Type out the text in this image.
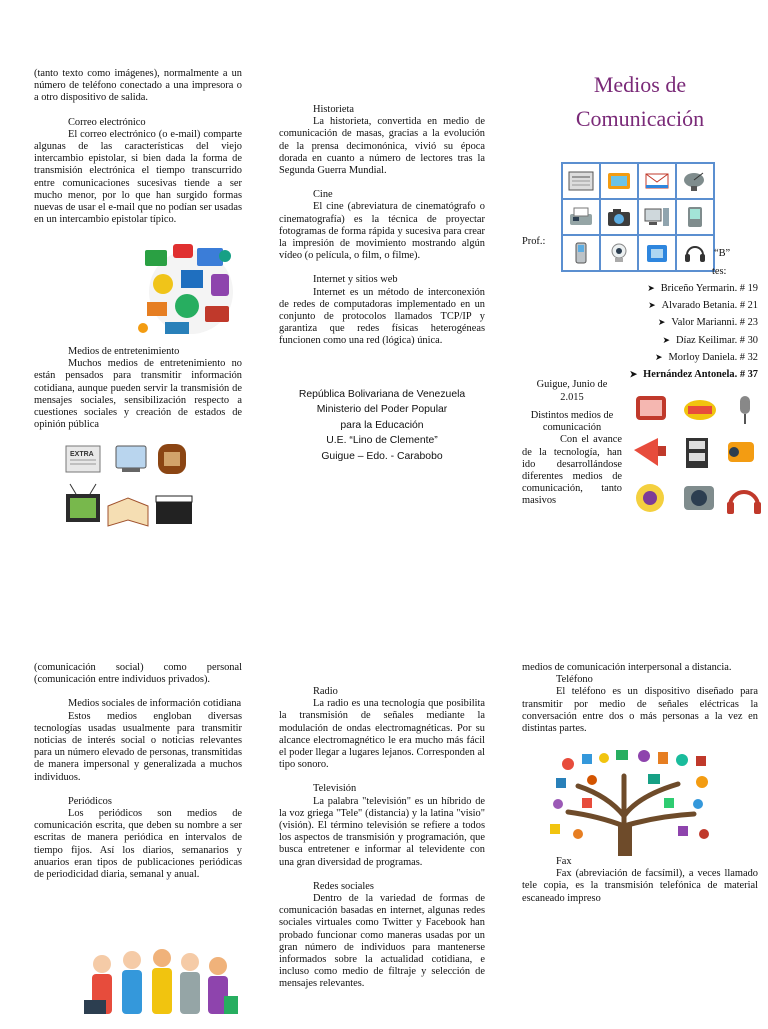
(tanto texto como imágenes), normalmente a un número de teléfono conectado a una impresora o a otro dispositivo de salida.

Correo electrónico

El correo electrónico (o e-mail) comparte algunas de las características del viejo intercambio epistolar, si bien dada la forma de transmisión electrónica el tiempo transcurrido entre comunicaciones sucesivas tiende a ser mucho menor, por lo que han surgido formas nuevas de usar el e-mail que no podían ser usadas en un intercambio epistolar típico.

Medios de entretenimiento

Muchos medios de entretenimiento no están pensados para transmitir información cotidiana, aunque pueden servir la transmisión de mensajes sociales, sensibilización respecto a cuestiones sociales y creación de estados de opinión pública

EXTRA

Historieta

La historieta, convertida en medio de comunicación de masas, gracias a la evolución de la prensa decimonónica, vivió su época dorada en cuanto a número de lectores tras la Segunda Guerra Mundial.

Cine

El cine (abreviatura de cinematógrafo o cinematografía) es la técnica de proyectar fotogramas de forma rápida y sucesiva para crear la impresión de movimiento mostrando algún vídeo (o película, o film, o filme).

Internet y sitios web

Internet es un método de interconexión de redes de computadoras implementado en un conjunto de protocolos llamados TCP/IP y garantiza que redes físicas heterogéneas funcionen como una red (lógica) única.

República Bolivariana de Venezuela
Ministerio del Poder Popular
para la Educación
U.E. “Lino de Clemente”
Guigue – Edo. - Carabobo
Medios de
Comunicación
Prof.:
“B”
tes:
➤ Briceño Yermarin. # 19
➤ Alvarado Betania. # 21
➤ Valor Marianni. # 23
➤ Díaz Keilimar. # 30
➤ Morloy Daniela. # 32
➤ Hernández Antonela. # 37
Guigue, Junio de
2.015

Distintos medios de comunicación

Con el avance de la tecnología, han ido desarrollándose diferentes medios de comunicación, tanto masivos

(comunicación social) como personal (comunicación entre individuos privados).

Medios sociales de información cotidiana

Estos medios engloban diversas tecnologías usadas usualmente para transmitir noticias de interés social o noticias relevantes para un número elevado de personas, transmitidas de manera impersonal y generalizada a muchos individuos.

Periódicos

Los periódicos son medios de comunicación escrita, que deben su nombre a ser escritas de manera periódica en intervalos de tiempo fijos. Así los diarios, semanarios y anuarios eran tipos de publicaciones periódicas de periodicidad diaria, semanal y anual.

Radio

La radio es una tecnología que posibilita la transmisión de señales mediante la modulación de ondas electromagnéticas. Por su alcance electromagnético le era mucho más fácil el poder llegar a lugares lejanos. Corresponden al tipo sonoro.

Televisión

La palabra "televisión" es un híbrido de la voz griega "Tele" (distancia) y la latina "visio" (visión). El término televisión se refiere a todos los aspectos de transmisión y programación, que busca entretener e informar al televidente con una gran diversidad de programas.

Redes sociales

Dentro de la variedad de formas de comunicación basadas en internet, algunas redes sociales virtuales como Twitter y Facebook han probado funcionar como maneras usadas por un gran número de individuos para mantenerse informados sobre la actualidad cotidiana, e incluso como medio de filtraje y selección de mensajes relevantes.

medios de comunicación interpersonal a distancia.

Teléfono

El teléfono es un dispositivo diseñado para transmitir por medio de señales eléctricas la conversación entre dos o más personas a la vez en distintas partes.

Fax

Fax (abreviación de facsímil), a veces llamado tele copia, es la transmisión telefónica de material escaneado impreso
